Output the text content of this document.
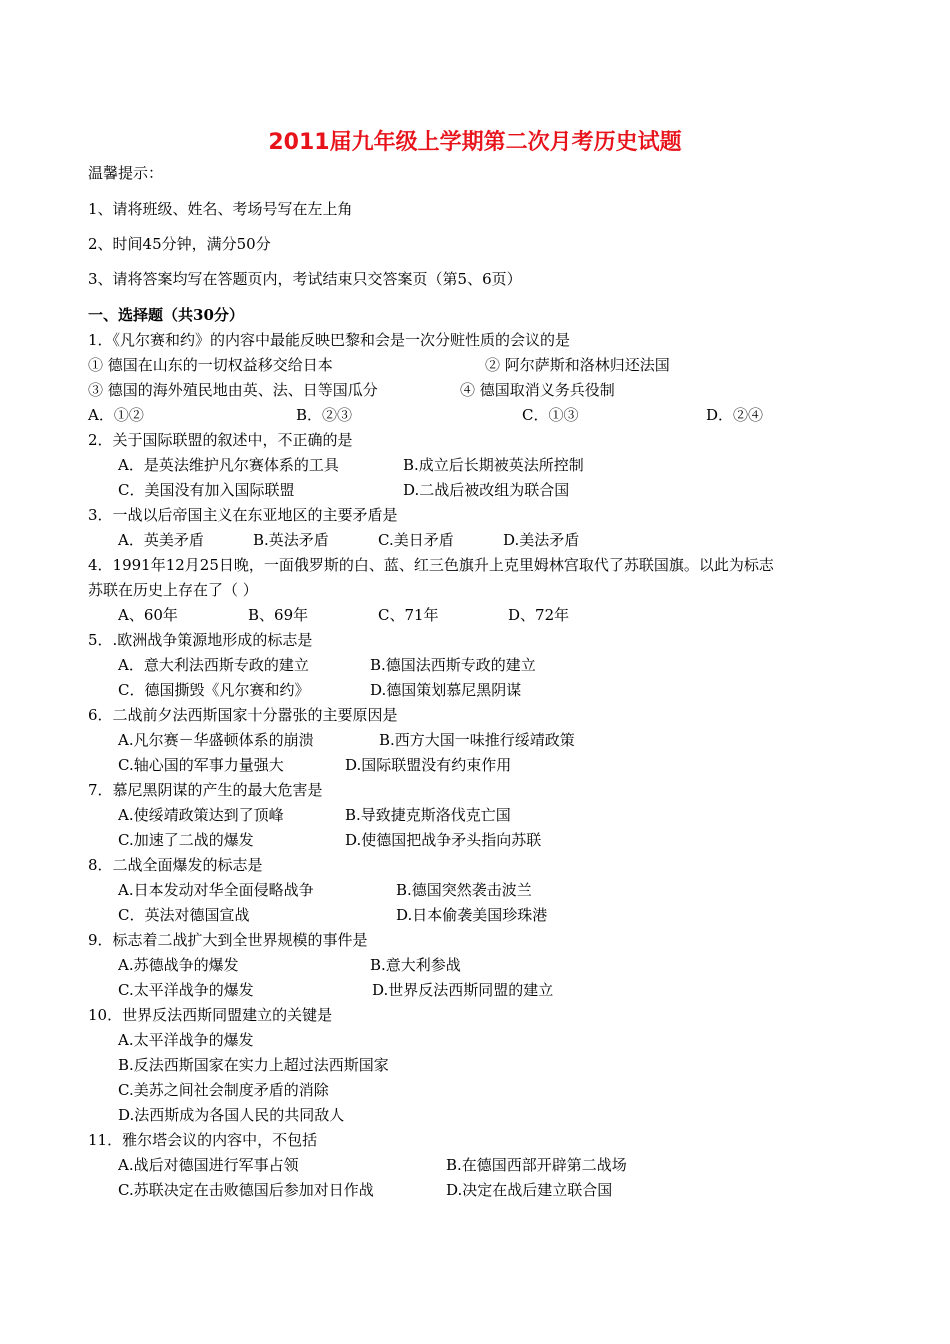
2011届九年级上学期第二次月考历史试题
温馨提示：
1、请将班级、姓名、考场号写在左上角
2、时间45分钟，满分50分
3、请将答案均写在答题页内，考试结束只交答案页（第5、6页）
一、选择题（共30分）
1．《凡尔赛和约》的内容中最能反映巴黎和会是一次分赃性质的会议的是
① 德国在山东的一切权益移交给日本	② 阿尔萨斯和洛林归还法国
③ 德国的海外殖民地由英、法、日等国瓜分	④ 德国取消义务兵役制
A．①②	B．②③	C．①③	D．②④
2．关于国际联盟的叙述中，不正确的是
A．是英法维护凡尔赛体系的工具	B.成立后长期被英法所控制
C．美国没有加入国际联盟	D.二战后被改组为联合国
3．一战以后帝国主义在东亚地区的主要矛盾是
A．英美矛盾	B.英法矛盾	C.美日矛盾	D.美法矛盾
4．1991年12月25日晚，一面俄罗斯的白、蓝、红三色旗升上克里姆林宫取代了苏联国旗。以此为标志
苏联在历史上存在了（ ）
A、60年	B、69年	C、71年	D、72年
5．.欧洲战争策源地形成的标志是
A．意大利法西斯专政的建立	B.德国法西斯专政的建立
C．德国撕毁《凡尔赛和约》	D.德国策划慕尼黑阴谋
6．二战前夕法西斯国家十分嚣张的主要原因是
A.凡尔赛－华盛顿体系的崩溃	B.西方大国一味推行绥靖政策
C.轴心国的军事力量强大	D.国际联盟没有约束作用
7．慕尼黑阴谋的产生的最大危害是
A.使绥靖政策达到了顶峰	B.导致捷克斯洛伐克亡国
C.加速了二战的爆发	D.使德国把战争矛头指向苏联
8．二战全面爆发的标志是
A.日本发动对华全面侵略战争	B.德国突然袭击波兰
C．英法对德国宣战	D.日本偷袭美国珍珠港
9．标志着二战扩大到全世界规模的事件是
A.苏德战争的爆发	B.意大利参战
C.太平洋战争的爆发	D.世界反法西斯同盟的建立
10．世界反法西斯同盟建立的关键是
A.太平洋战争的爆发
B.反法西斯国家在实力上超过法西斯国家
C.美苏之间社会制度矛盾的消除
D.法西斯成为各国人民的共同敌人
11．雅尔塔会议的内容中，不包括
A.战后对德国进行军事占领	B.在德国西部开辟第二战场
C.苏联决定在击败德国后参加对日作战	D.决定在战后建立联合国
